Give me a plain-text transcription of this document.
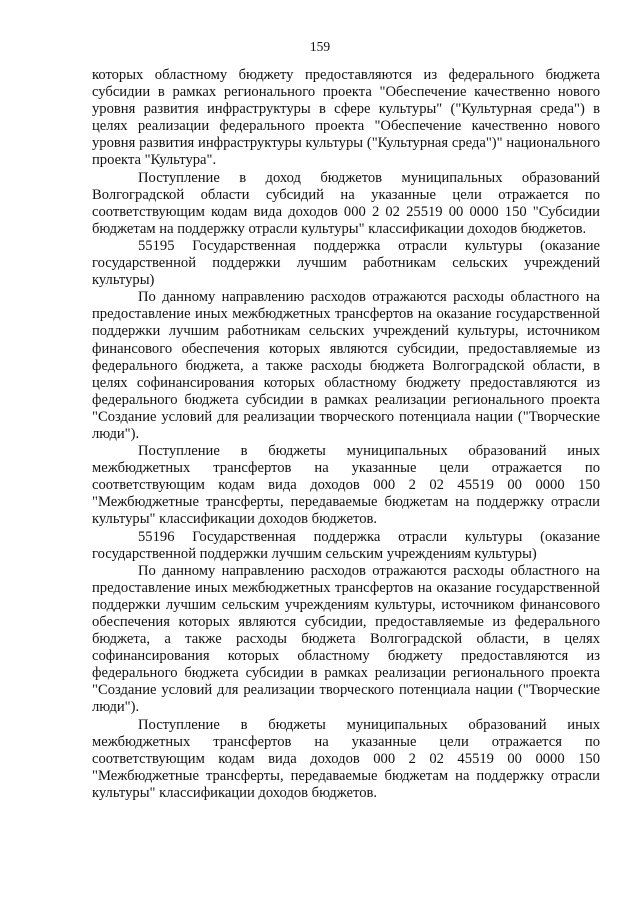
159

которых областному бюджету предоставляются из федерального бюджета субсидии в рамках регионального проекта "Обеспечение качественно нового уровня развития инфраструктуры в сфере культуры" ("Культурная среда") в целях реализации федерального проекта "Обеспечение качественно нового уровня развития инфраструктуры культуры ("Культурная среда")" национального проекта "Культура".

Поступление в доход бюджетов муниципальных образований Волгоградской области субсидий на указанные цели отражается по соответствующим кодам вида доходов 000 2 02 25519 00 0000 150 "Субсидии бюджетам на поддержку отрасли культуры" классификации доходов бюджетов.

55195 Государственная поддержка отрасли культуры (оказание государственной поддержки лучшим работникам сельских учреждений культуры)

По данному направлению расходов отражаются расходы областного на предоставление иных межбюджетных трансфертов на оказание государственной поддержки лучшим работникам сельских учреждений культуры, источником финансового обеспечения которых являются субсидии, предоставляемые из федерального бюджета, а также расходы бюджета Волгоградской области, в целях софинансирования которых областному бюджету предоставляются из федерального бюджета субсидии в рамках реализации регионального проекта "Создание условий для реализации творческого потенциала нации ("Творческие люди").

Поступление в бюджеты муниципальных образований иных межбюджетных трансфертов на указанные цели отражается по соответствующим кодам вида доходов 000 2 02 45519 00 0000 150 "Межбюджетные трансферты, передаваемые бюджетам на поддержку отрасли культуры" классификации доходов бюджетов.

55196 Государственная поддержка отрасли культуры (оказание государственной поддержки лучшим сельским учреждениям культуры)

По данному направлению расходов отражаются расходы областного на предоставление иных межбюджетных трансфертов на оказание государственной поддержки лучшим сельским учреждениям культуры, источником финансового обеспечения которых являются субсидии, предоставляемые из федерального бюджета, а также расходы бюджета Волгоградской области, в целях софинансирования которых областному бюджету предоставляются из федерального бюджета субсидии в рамках реализации регионального проекта "Создание условий для реализации творческого потенциала нации ("Творческие люди").

Поступление в бюджеты муниципальных образований иных межбюджетных трансфертов на указанные цели отражается по соответствующим кодам вида доходов 000 2 02 45519 00 0000 150 "Межбюджетные трансферты, передаваемые бюджетам на поддержку отрасли культуры" классификации доходов бюджетов.
